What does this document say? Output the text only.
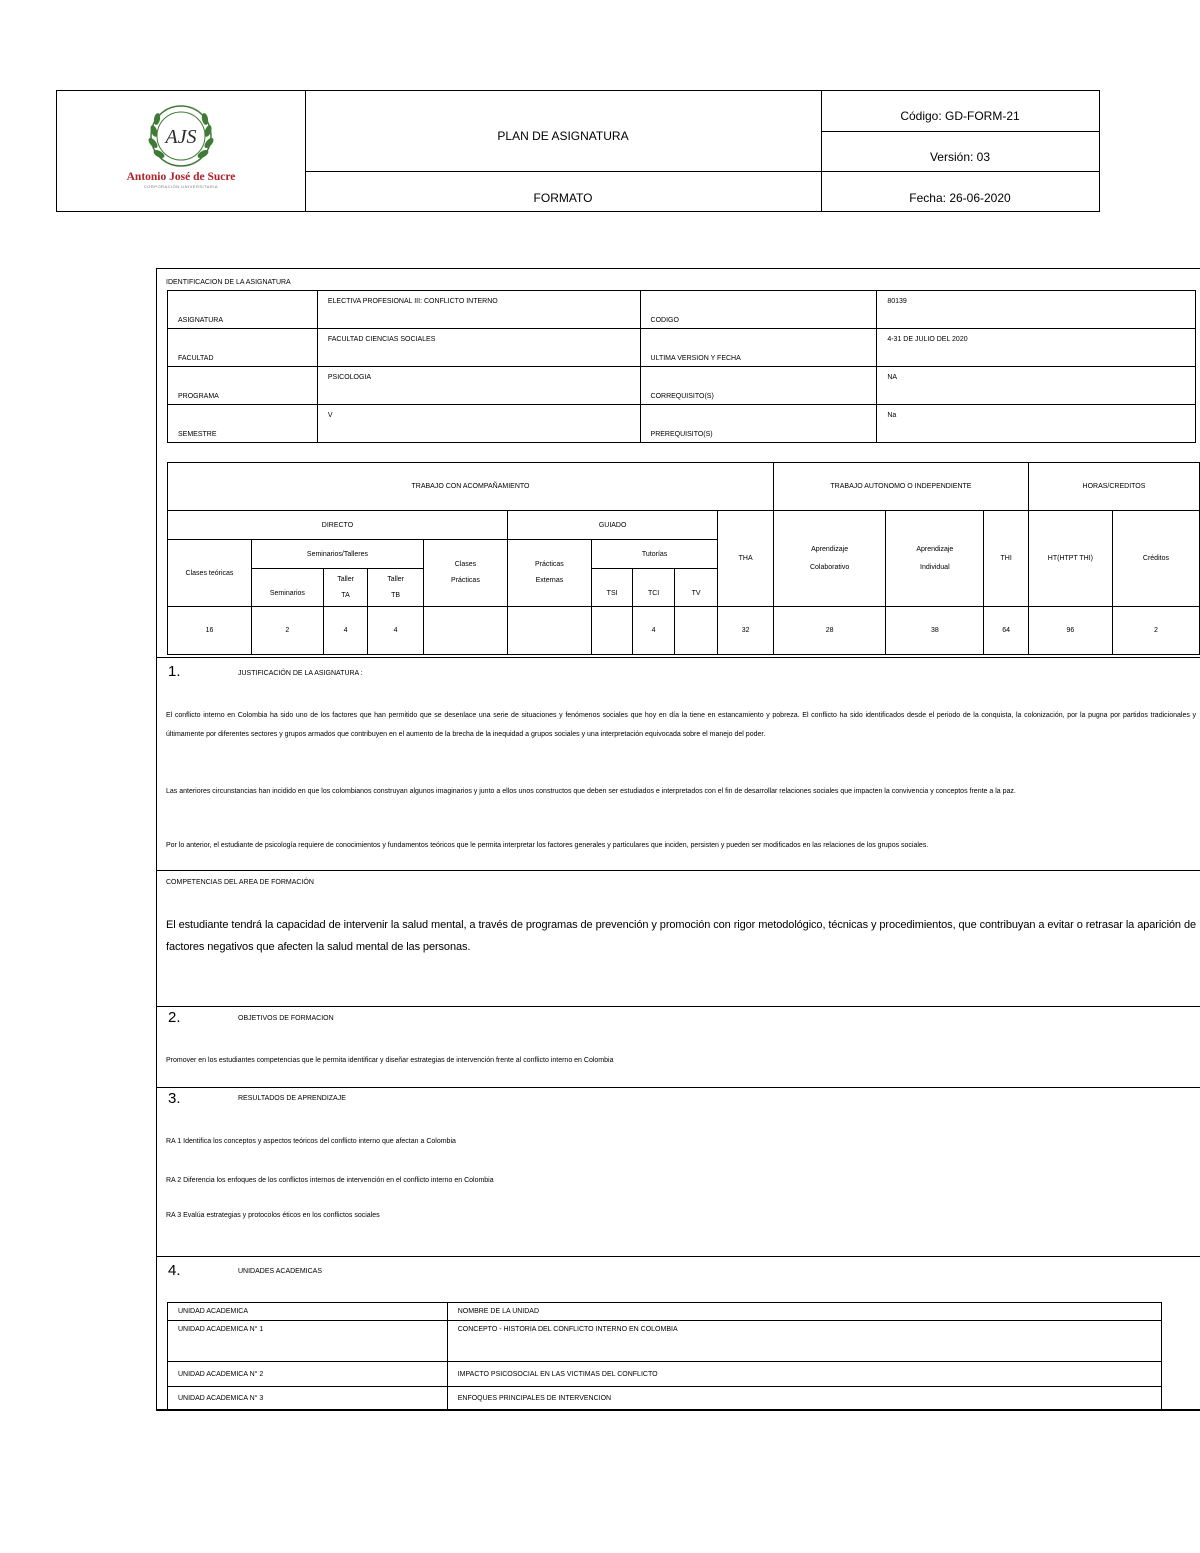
AJS
Antonio José de Sucre
CORPORACIÓN UNIVERSITARIA
PLAN DE ASIGNATURA
FORMATO
Código: GD-FORM-21
Versión: 03
Fecha: 26-06-2020
IDENTIFICACION DE LA ASIGNATURA
ASIGNATURA	ELECTIVA PROFESIONAL III: CONFLICTO INTERNO	CODIGO	80139
FACULTAD	FACULTAD CIENCIAS SOCIALES	ULTIMA VERSION Y FECHA	4-31 DE JULIO DEL 2020
PROGRAMA	PSICOLOGIA	CORREQUISITO(S)	NA
SEMESTRE	V	PREREQUISITO(S)	Na
TRABAJO CON ACOMPAÑAMIENTO										TRABAJO AUTONOMO O INDEPENDIENTE			HORAS/CREDITOS	
DIRECTO					GUIADO				THA	Aprendizaje Colaborativo	Aprendizaje Individual	THI	HT(HTPT THI)	Créditos
Clases teóricas	Seminarios/Talleres			Clases Prácticas	Prácticas Externas	Tutorías								
	Seminarios	Taller TA	Taller TB			TSI	TCI	TV						
16	2	4	4				4		32	28	38	64	96	2
1.	JUSTIFICACIÓN DE LA ASIGNATURA :
El conflicto interno en Colombia ha sido uno de los factores que han permitido que se desenlace una serie de situaciones y fenómenos sociales que hoy en día la tiene en estancamiento y pobreza. El conflicto ha sido identificados desde el periodo de la conquista, la colonización, por la pugna por partidos tradicionales y últimamente por diferentes sectores y grupos armados que contribuyen en el aumento de la brecha de la inequidad a grupos sociales y una interpretación equivocada sobre el manejo del poder.
Las anteriores circunstancias han incidido en que los colombianos construyan algunos imaginarios y junto a ellos unos constructos que deben ser estudiados e interpretados con el fin de desarrollar relaciones sociales que impacten la convivencia y conceptos frente a la paz.
Por lo anterior, el estudiante de psicología requiere de conocimientos y fundamentos teóricos que le permita interpretar los factores generales y particulares que inciden, persisten y pueden ser modificados en las relaciones de los grupos sociales.
COMPETENCIAS DEL AREA DE FORMACIÓN
El estudiante tendrá la capacidad de intervenir la salud mental, a través de programas de prevención y promoción con rigor metodológico, técnicas y procedimientos, que contribuyan a evitar o retrasar la aparición de factores negativos que afecten la salud mental de las personas.
2.	OBJETIVOS DE FORMACION
Promover en los estudiantes competencias que le permita identificar y diseñar estrategias de intervención frente al conflicto interno en Colombia
3.	RESULTADOS DE APRENDIZAJE
RA 1 Identifica los conceptos y aspectos teóricos del conflicto interno que afectan a Colombia
RA 2 Diferencia los enfoques de los conflictos internos de intervención en el conflicto interno en Colombia
RA 3 Evalúa estrategias y protocolos éticos en los conflictos sociales
4.	UNIDADES ACADEMICAS
UNIDAD ACADEMICA	NOMBRE DE LA UNIDAD
UNIDAD ACADEMICA N° 1	CONCEPTO - HISTORIA DEL CONFLICTO INTERNO EN COLOMBIA
UNIDAD ACADEMICA N° 2	IMPACTO PSICOSOCIAL EN LAS VICTIMAS DEL CONFLICTO
UNIDAD ACADEMICA N° 3	ENFOQUES PRINCIPALES DE INTERVENCION
